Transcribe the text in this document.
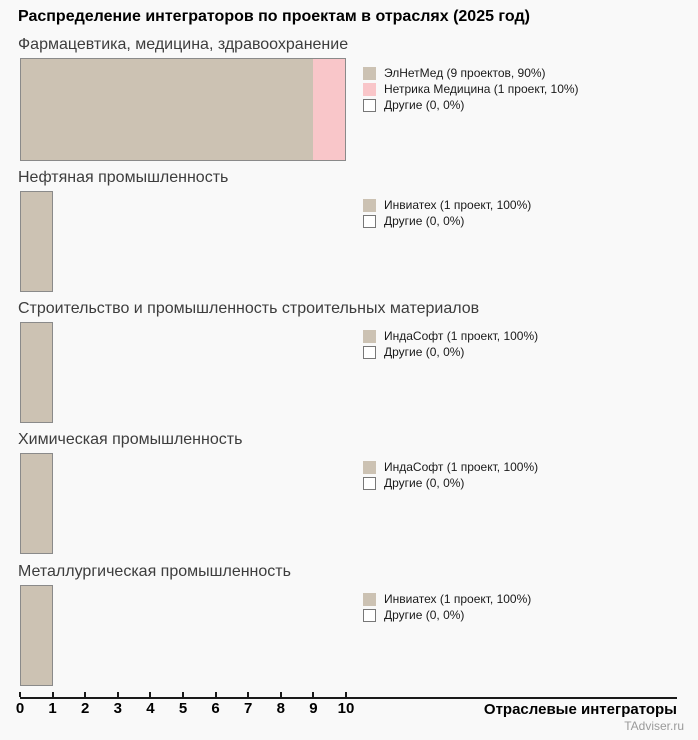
Распределение интеграторов по проектам в отраслях (2025 год)
Фармацевтика, медицина, здравоохранение
ЭлНетМед (9 проектов, 90%)
Нетрика Медицина (1 проект, 10%)
Другие (0, 0%)
Нефтяная промышленность
Инвиатех (1 проект, 100%)
Другие (0, 0%)
Строительство и промышленность строительных материалов
ИндаСофт (1 проект, 100%)
Другие (0, 0%)
Химическая промышленность
ИндаСофт (1 проект, 100%)
Другие (0, 0%)
Металлургическая промышленность
Инвиатех (1 проект, 100%)
Другие (0, 0%)
0	1	2	3	4	5	6	7	8	9	10	Отраслевые интеграторы
TAdviser.ru
